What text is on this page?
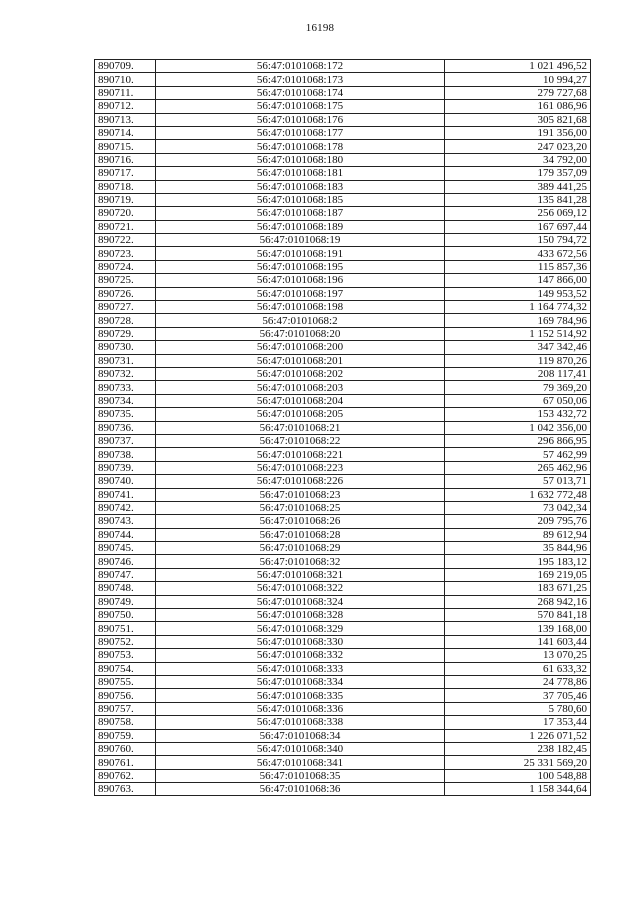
16198
890709.	56:47:0101068:172	1 021 496,52
890710.	56:47:0101068:173	10 994,27
890711.	56:47:0101068:174	279 727,68
890712.	56:47:0101068:175	161 086,96
890713.	56:47:0101068:176	305 821,68
890714.	56:47:0101068:177	191 356,00
890715.	56:47:0101068:178	247 023,20
890716.	56:47:0101068:180	34 792,00
890717.	56:47:0101068:181	179 357,09
890718.	56:47:0101068:183	389 441,25
890719.	56:47:0101068:185	135 841,28
890720.	56:47:0101068:187	256 069,12
890721.	56:47:0101068:189	167 697,44
890722.	56:47:0101068:19	150 794,72
890723.	56:47:0101068:191	433 672,56
890724.	56:47:0101068:195	115 857,36
890725.	56:47:0101068:196	147 866,00
890726.	56:47:0101068:197	149 953,52
890727.	56:47:0101068:198	1 164 774,32
890728.	56:47:0101068:2	169 784,96
890729.	56:47:0101068:20	1 152 514,92
890730.	56:47:0101068:200	347 342,46
890731.	56:47:0101068:201	119 870,26
890732.	56:47:0101068:202	208 117,41
890733.	56:47:0101068:203	79 369,20
890734.	56:47:0101068:204	67 050,06
890735.	56:47:0101068:205	153 432,72
890736.	56:47:0101068:21	1 042 356,00
890737.	56:47:0101068:22	296 866,95
890738.	56:47:0101068:221	57 462,99
890739.	56:47:0101068:223	265 462,96
890740.	56:47:0101068:226	57 013,71
890741.	56:47:0101068:23	1 632 772,48
890742.	56:47:0101068:25	73 042,34
890743.	56:47:0101068:26	209 795,76
890744.	56:47:0101068:28	89 612,94
890745.	56:47:0101068:29	35 844,96
890746.	56:47:0101068:32	195 183,12
890747.	56:47:0101068:321	169 219,05
890748.	56:47:0101068:322	183 671,25
890749.	56:47:0101068:324	268 942,16
890750.	56:47:0101068:328	570 841,18
890751.	56:47:0101068:329	139 168,00
890752.	56:47:0101068:330	141 603,44
890753.	56:47:0101068:332	13 070,25
890754.	56:47:0101068:333	61 633,32
890755.	56:47:0101068:334	24 778,86
890756.	56:47:0101068:335	37 705,46
890757.	56:47:0101068:336	5 780,60
890758.	56:47:0101068:338	17 353,44
890759.	56:47:0101068:34	1 226 071,52
890760.	56:47:0101068:340	238 182,45
890761.	56:47:0101068:341	25 331 569,20
890762.	56:47:0101068:35	100 548,88
890763.	56:47:0101068:36	1 158 344,64
